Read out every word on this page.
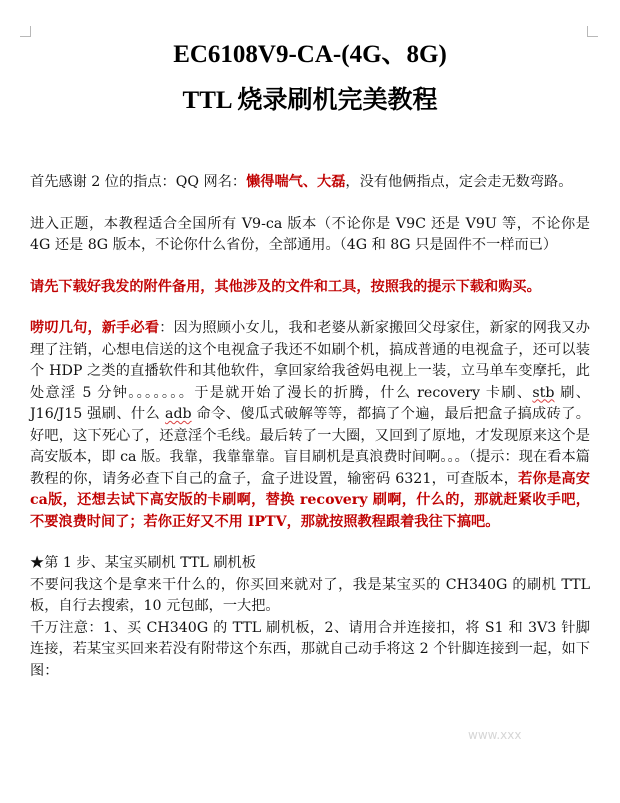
EC6108V9-CA-(4G、8G)
TTL 烧录刷机完美教程

首先感谢 2 位的指点：QQ 网名：懒得喘气、大磊，没有他俩指点，定会走无数弯路。

进入正题，本教程适合全国所有 V9-ca 版本（不论你是 V9C 还是 V9U 等，不论你是 4G 还是 8G 版本，不论你什么省份，全部通用。（4G 和 8G 只是固件不一样而已）

请先下载好我发的附件备用，其他涉及的文件和工具，按照我的提示下载和购买。

唠叨几句，新手必看：因为照顾小女儿，我和老婆从新家搬回父母家住，新家的网我又办理了注销，心想电信送的这个电视盒子我还不如刷个机，搞成普通的电视盒子，还可以装个 HDP 之类的直播软件和其他软件，拿回家给我爸妈电视上一装，立马单车变摩托，此处意淫 5 分钟。。。。。。。于是就开始了漫长的折腾，什么 recovery 卡刷、stb 刷、J16/J15 强刷、什么 adb 命令、傻瓜式破解等等，都搞了个遍，最后把盒子搞成砖了。好吧，这下死心了，还意淫个毛线。最后转了一大圈，又回到了原地，才发现原来这个是高安版本，即 ca 版。我靠，我靠靠靠。盲目刷机是真浪费时间啊。。。（提示：现在看本篇教程的你，请务必查下自己的盒子，盒子进设置，输密码 6321，可查版本，若你是高安 ca版，还想去试下高安版的卡刷啊，替换 recovery 刷啊，什么的，那就赶紧收手吧，不要浪费时间了；若你正好又不用 IPTV，那就按照教程跟着我往下搞吧。

★第 1 步、某宝买刷机 TTL 刷机板

不要问我这个是拿来干什么的，你买回来就对了，我是某宝买的 CH340G 的刷机 TTL 板，自行去搜索，10 元包邮，一大把。

千万注意：1、买 CH340G 的 TTL 刷机板，2、请用合并连接扣，将 S1 和 3V3 针脚连接，若某宝买回来若没有附带这个东西，那就自己动手将这 2 个针脚连接到一起，如下图：

www.xxx
